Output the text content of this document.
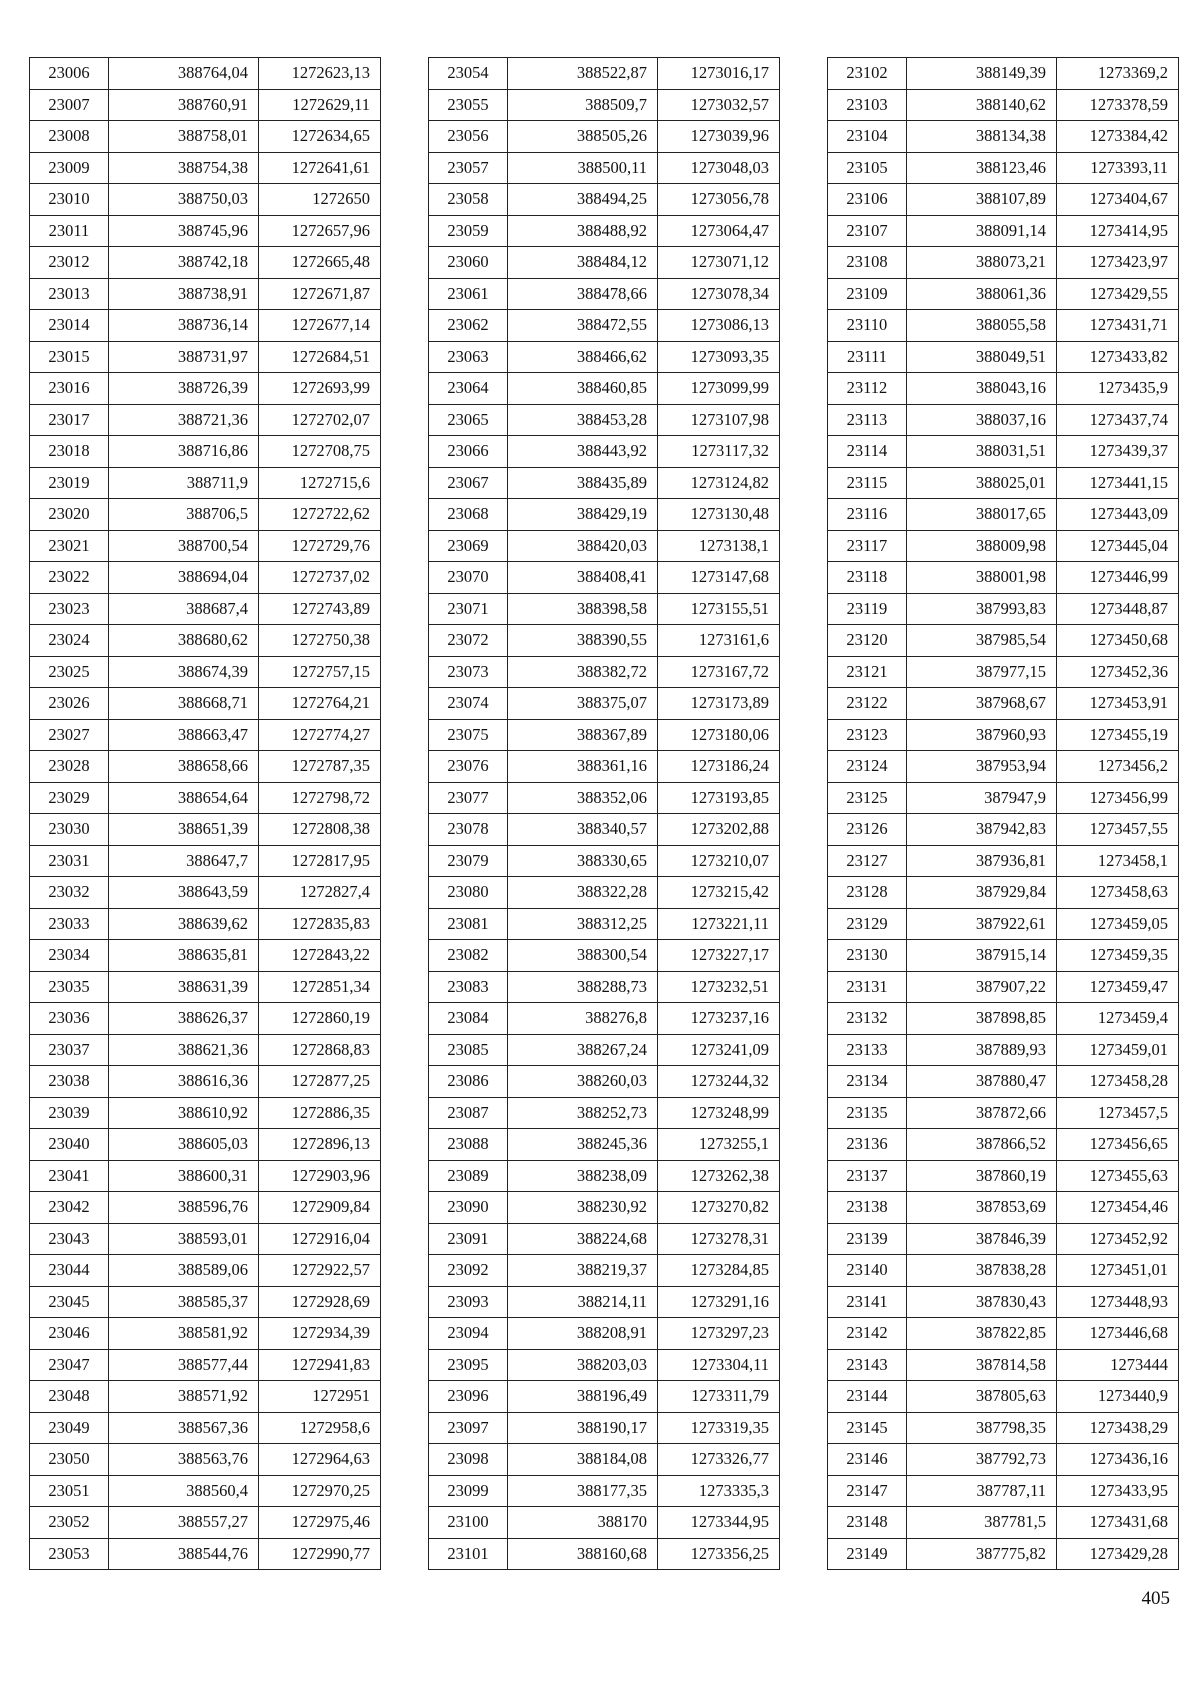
23006	388764,04	1272623,13
23007	388760,91	1272629,11
23008	388758,01	1272634,65
23009	388754,38	1272641,61
23010	388750,03	1272650
23011	388745,96	1272657,96
23012	388742,18	1272665,48
23013	388738,91	1272671,87
23014	388736,14	1272677,14
23015	388731,97	1272684,51
23016	388726,39	1272693,99
23017	388721,36	1272702,07
23018	388716,86	1272708,75
23019	388711,9	1272715,6
23020	388706,5	1272722,62
23021	388700,54	1272729,76
23022	388694,04	1272737,02
23023	388687,4	1272743,89
23024	388680,62	1272750,38
23025	388674,39	1272757,15
23026	388668,71	1272764,21
23027	388663,47	1272774,27
23028	388658,66	1272787,35
23029	388654,64	1272798,72
23030	388651,39	1272808,38
23031	388647,7	1272817,95
23032	388643,59	1272827,4
23033	388639,62	1272835,83
23034	388635,81	1272843,22
23035	388631,39	1272851,34
23036	388626,37	1272860,19
23037	388621,36	1272868,83
23038	388616,36	1272877,25
23039	388610,92	1272886,35
23040	388605,03	1272896,13
23041	388600,31	1272903,96
23042	388596,76	1272909,84
23043	388593,01	1272916,04
23044	388589,06	1272922,57
23045	388585,37	1272928,69
23046	388581,92	1272934,39
23047	388577,44	1272941,83
23048	388571,92	1272951
23049	388567,36	1272958,6
23050	388563,76	1272964,63
23051	388560,4	1272970,25
23052	388557,27	1272975,46
23053	388544,76	1272990,77
23054	388522,87	1273016,17
23055	388509,7	1273032,57
23056	388505,26	1273039,96
23057	388500,11	1273048,03
23058	388494,25	1273056,78
23059	388488,92	1273064,47
23060	388484,12	1273071,12
23061	388478,66	1273078,34
23062	388472,55	1273086,13
23063	388466,62	1273093,35
23064	388460,85	1273099,99
23065	388453,28	1273107,98
23066	388443,92	1273117,32
23067	388435,89	1273124,82
23068	388429,19	1273130,48
23069	388420,03	1273138,1
23070	388408,41	1273147,68
23071	388398,58	1273155,51
23072	388390,55	1273161,6
23073	388382,72	1273167,72
23074	388375,07	1273173,89
23075	388367,89	1273180,06
23076	388361,16	1273186,24
23077	388352,06	1273193,85
23078	388340,57	1273202,88
23079	388330,65	1273210,07
23080	388322,28	1273215,42
23081	388312,25	1273221,11
23082	388300,54	1273227,17
23083	388288,73	1273232,51
23084	388276,8	1273237,16
23085	388267,24	1273241,09
23086	388260,03	1273244,32
23087	388252,73	1273248,99
23088	388245,36	1273255,1
23089	388238,09	1273262,38
23090	388230,92	1273270,82
23091	388224,68	1273278,31
23092	388219,37	1273284,85
23093	388214,11	1273291,16
23094	388208,91	1273297,23
23095	388203,03	1273304,11
23096	388196,49	1273311,79
23097	388190,17	1273319,35
23098	388184,08	1273326,77
23099	388177,35	1273335,3
23100	388170	1273344,95
23101	388160,68	1273356,25
23102	388149,39	1273369,2
23103	388140,62	1273378,59
23104	388134,38	1273384,42
23105	388123,46	1273393,11
23106	388107,89	1273404,67
23107	388091,14	1273414,95
23108	388073,21	1273423,97
23109	388061,36	1273429,55
23110	388055,58	1273431,71
23111	388049,51	1273433,82
23112	388043,16	1273435,9
23113	388037,16	1273437,74
23114	388031,51	1273439,37
23115	388025,01	1273441,15
23116	388017,65	1273443,09
23117	388009,98	1273445,04
23118	388001,98	1273446,99
23119	387993,83	1273448,87
23120	387985,54	1273450,68
23121	387977,15	1273452,36
23122	387968,67	1273453,91
23123	387960,93	1273455,19
23124	387953,94	1273456,2
23125	387947,9	1273456,99
23126	387942,83	1273457,55
23127	387936,81	1273458,1
23128	387929,84	1273458,63
23129	387922,61	1273459,05
23130	387915,14	1273459,35
23131	387907,22	1273459,47
23132	387898,85	1273459,4
23133	387889,93	1273459,01
23134	387880,47	1273458,28
23135	387872,66	1273457,5
23136	387866,52	1273456,65
23137	387860,19	1273455,63
23138	387853,69	1273454,46
23139	387846,39	1273452,92
23140	387838,28	1273451,01
23141	387830,43	1273448,93
23142	387822,85	1273446,68
23143	387814,58	1273444
23144	387805,63	1273440,9
23145	387798,35	1273438,29
23146	387792,73	1273436,16
23147	387787,11	1273433,95
23148	387781,5	1273431,68
23149	387775,82	1273429,28
405
